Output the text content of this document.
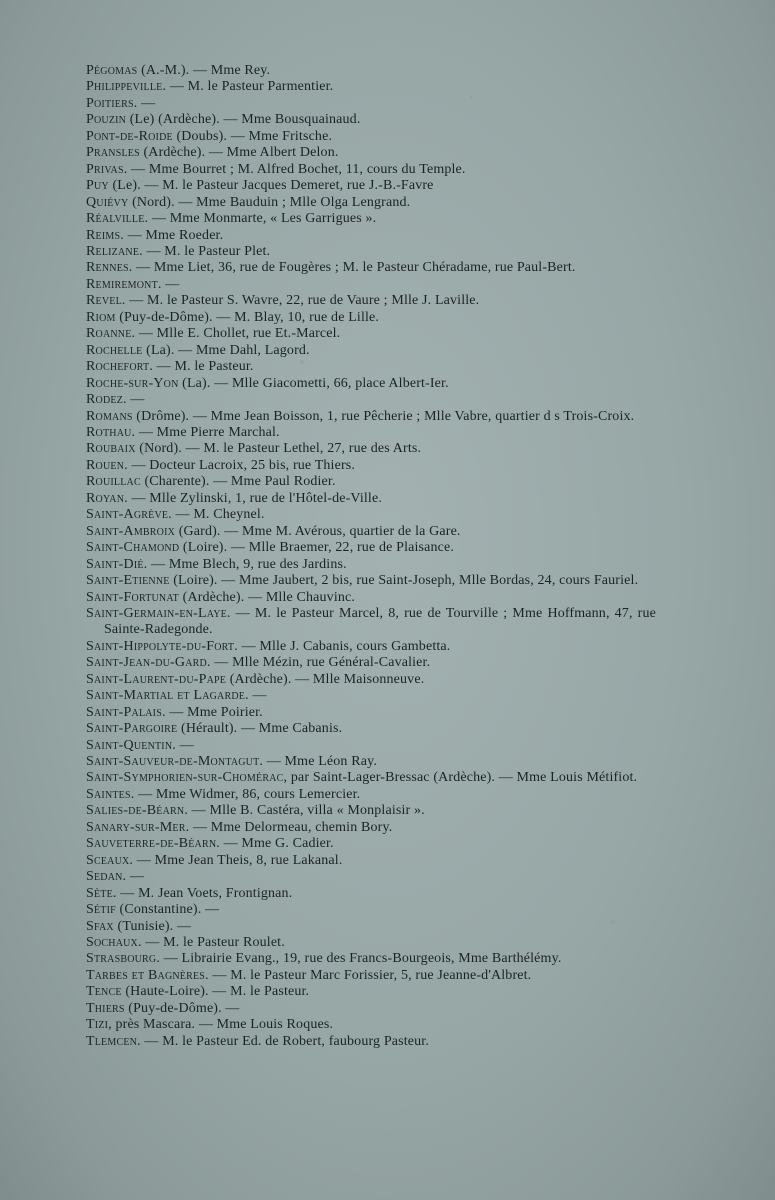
Pégomas (A.-M.). — Mme Rey.
Philippeville. — M. le Pasteur Parmentier.
Poitiers. —
Pouzin (Le) (Ardèche). — Mme Bousquainaud.
Pont-de-Roide (Doubs). — Mme Fritsche.
Pransles (Ardèche). — Mme Albert Delon.
Privas. — Mme Bourret ; M. Alfred Bochet, 11, cours du Temple.
Puy (Le). — M. le Pasteur Jacques Demeret, rue J.-B.-Favre
Quiévy (Nord). — Mme Bauduin ; Mlle Olga Lengrand.
Réalville. — Mme Monmarte, « Les Garrigues ».
Reims. — Mme Roeder.
Relizane. — M. le Pasteur Plet.
Rennes. — Mme Liet, 36, rue de Fougères ; M. le Pasteur Chéradame, rue Paul-Bert.
Remiremont. —
Revel. — M. le Pasteur S. Wavre, 22, rue de Vaure ; Mlle J. Laville.
Riom (Puy-de-Dôme). — M. Blay, 10, rue de Lille.
Roanne. — Mlle E. Chollet, rue Et.-Marcel.
Rochelle (La). — Mme Dahl, Lagord.
Rochefort. — M. le Pasteur.
Roche-sur-Yon (La). — Mlle Giacometti, 66, place Albert-Ier.
Rodez. —
Romans (Drôme). — Mme Jean Boisson, 1, rue Pêcherie ; Mlle Vabre, quartier d s Trois-Croix.
Rothau. — Mme Pierre Marchal.
Roubaix (Nord). — M. le Pasteur Lethel, 27, rue des Arts.
Rouen. — Docteur Lacroix, 25 bis, rue Thiers.
Rouillac (Charente). — Mme Paul Rodier.
Royan. — Mlle Zylinski, 1, rue de l'Hôtel-de-Ville.
Saint-Agrève. — M. Cheynel.
Saint-Ambroix (Gard). — Mme M. Avérous, quartier de la Gare.
Saint-Chamond (Loire). — Mlle Braemer, 22, rue de Plaisance.
Saint-Dié. — Mme Blech, 9, rue des Jardins.
Saint-Etienne (Loire). — Mme Jaubert, 2 bis, rue Saint-Joseph, Mlle Bordas, 24, cours Fauriel.
Saint-Fortunat (Ardèche). — Mlle Chauvinc.
Saint-Germain-en-Laye. — M. le Pasteur Marcel, 8, rue de Tourville ; Mme Hoffmann, 47, rue Sainte-Radegonde.
Saint-Hippolyte-du-Fort. — Mlle J. Cabanis, cours Gambetta.
Saint-Jean-du-Gard. — Mlle Mézin, rue Général-Cavalier.
Saint-Laurent-du-Pape (Ardèche). — Mlle Maisonneuve.
Saint-Martial et Lagarde. —
Saint-Palais. — Mme Poirier.
Saint-Pargoire (Hérault). — Mme Cabanis.
Saint-Quentin. —
Saint-Sauveur-de-Montagut. — Mme Léon Ray.
Saint-Symphorien-sur-Chomérac, par Saint-Lager-Bressac (Ardèche). — Mme Louis Métifiot.
Saintes. — Mme Widmer, 86, cours Lemercier.
Salies-de-Béarn. — Mlle B. Castéra, villa « Monplaisir ».
Sanary-sur-Mer. — Mme Delormeau, chemin Bory.
Sauveterre-de-Béarn. — Mme G. Cadier.
Sceaux. — Mme Jean Theis, 8, rue Lakanal.
Sedan. —
Sète. — M. Jean Voets, Frontignan.
Sétif (Constantine). —
Sfax (Tunisie). —
Sochaux. — M. le Pasteur Roulet.
Strasbourg. — Librairie Evang., 19, rue des Francs-Bourgeois, Mme Barthélémy.
Tarbes et Bagnères. — M. le Pasteur Marc Forissier, 5, rue Jeanne-d'Albret.
Tence (Haute-Loire). — M. le Pasteur.
Thiers (Puy-de-Dôme). —
Tizi, près Mascara. — Mme Louis Roques.
Tlemcen. — M. le Pasteur Ed. de Robert, faubourg Pasteur.
